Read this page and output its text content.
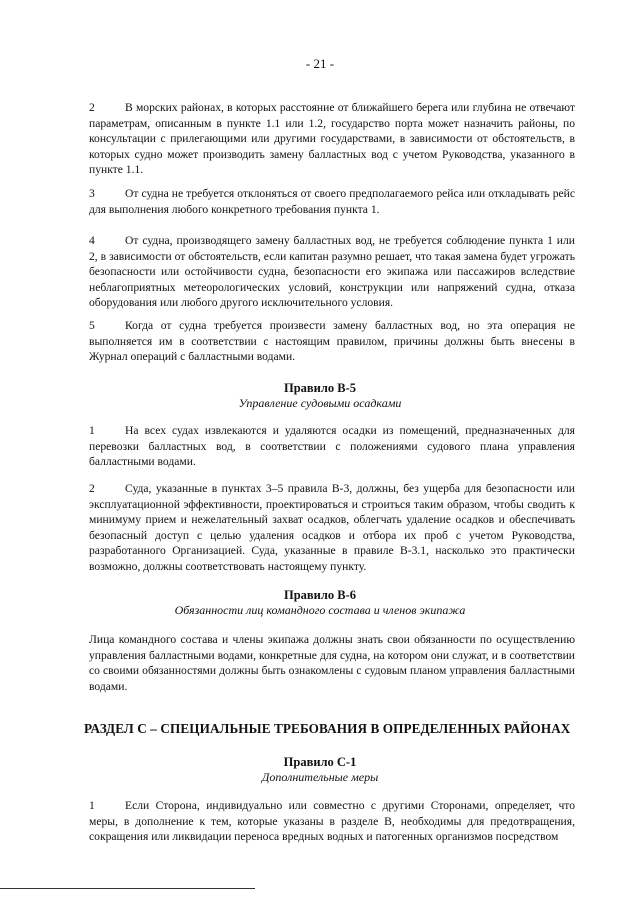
- 21 -

2	В морских районах, в которых расстояние от ближайшего берега или глубина не отвечают параметрам, описанным в пункте 1.1 или 1.2, государство порта может назначить районы, по консультации с прилегающими или другими государствами, в зависимости от обстоятельств, в которых судно может производить замену балластных вод с учетом Руководства, указанного в пункте 1.1.

3	От судна не требуется отклоняться от своего предполагаемого рейса или откладывать рейс для выполнения любого конкретного требования пункта 1.

4	От судна, производящего замену балластных вод, не требуется соблюдение пункта 1 или 2, в зависимости от обстоятельств, если капитан разумно решает, что такая замена будет угрожать безопасности или остойчивости судна, безопасности его экипажа или пассажиров вследствие неблагоприятных метеорологических условий, конструкции или напряжений судна, отказа оборудования или любого другого исключительного условия.

5	Когда от судна требуется произвести замену балластных вод, но эта операция не выполняется им в соответствии с настоящим правилом, причины должны быть внесены в Журнал операций с балластными водами.

Правило В-5
Управление судовыми осадками

1	На всех судах извлекаются и удаляются осадки из помещений, предназначенных для перевозки балластных вод, в соответствии с положениями судового плана управления балластными водами.

2	Суда, указанные в пунктах 3–5 правила В-3, должны, без ущерба для безопасности или эксплуатационной эффективности, проектироваться и строиться таким образом, чтобы сводить к минимуму прием и нежелательный захват осадков, облегчать удаление осадков и обеспечивать безопасный доступ с целью удаления осадков и отбора их проб с учетом Руководства, разработанного Организацией. Суда, указанные в правиле В-3.1, насколько это практически возможно, должны соответствовать настоящему пункту.

Правило В-6
Обязанности лиц командного состава и членов экипажа

Лица командного состава и члены экипажа должны знать свои обязанности по осуществлению управления балластными водами, конкретные для судна, на котором они служат, и в соответствии со своими обязанностями должны быть ознакомлены с судовым планом управления балластными водами.

РАЗДЕЛ С – СПЕЦИАЛЬНЫЕ ТРЕБОВАНИЯ В ОПРЕДЕЛЕННЫХ РАЙОНАХ
Правило С-1
Дополнительные меры

1	Если Сторона, индивидуально или совместно с другими Сторонами, определяет, что меры, в дополнение к тем, которые указаны в разделе В, необходимы для предотвращения, сокращения или ликвидации переноса вредных водных и патогенных организмов посредством
